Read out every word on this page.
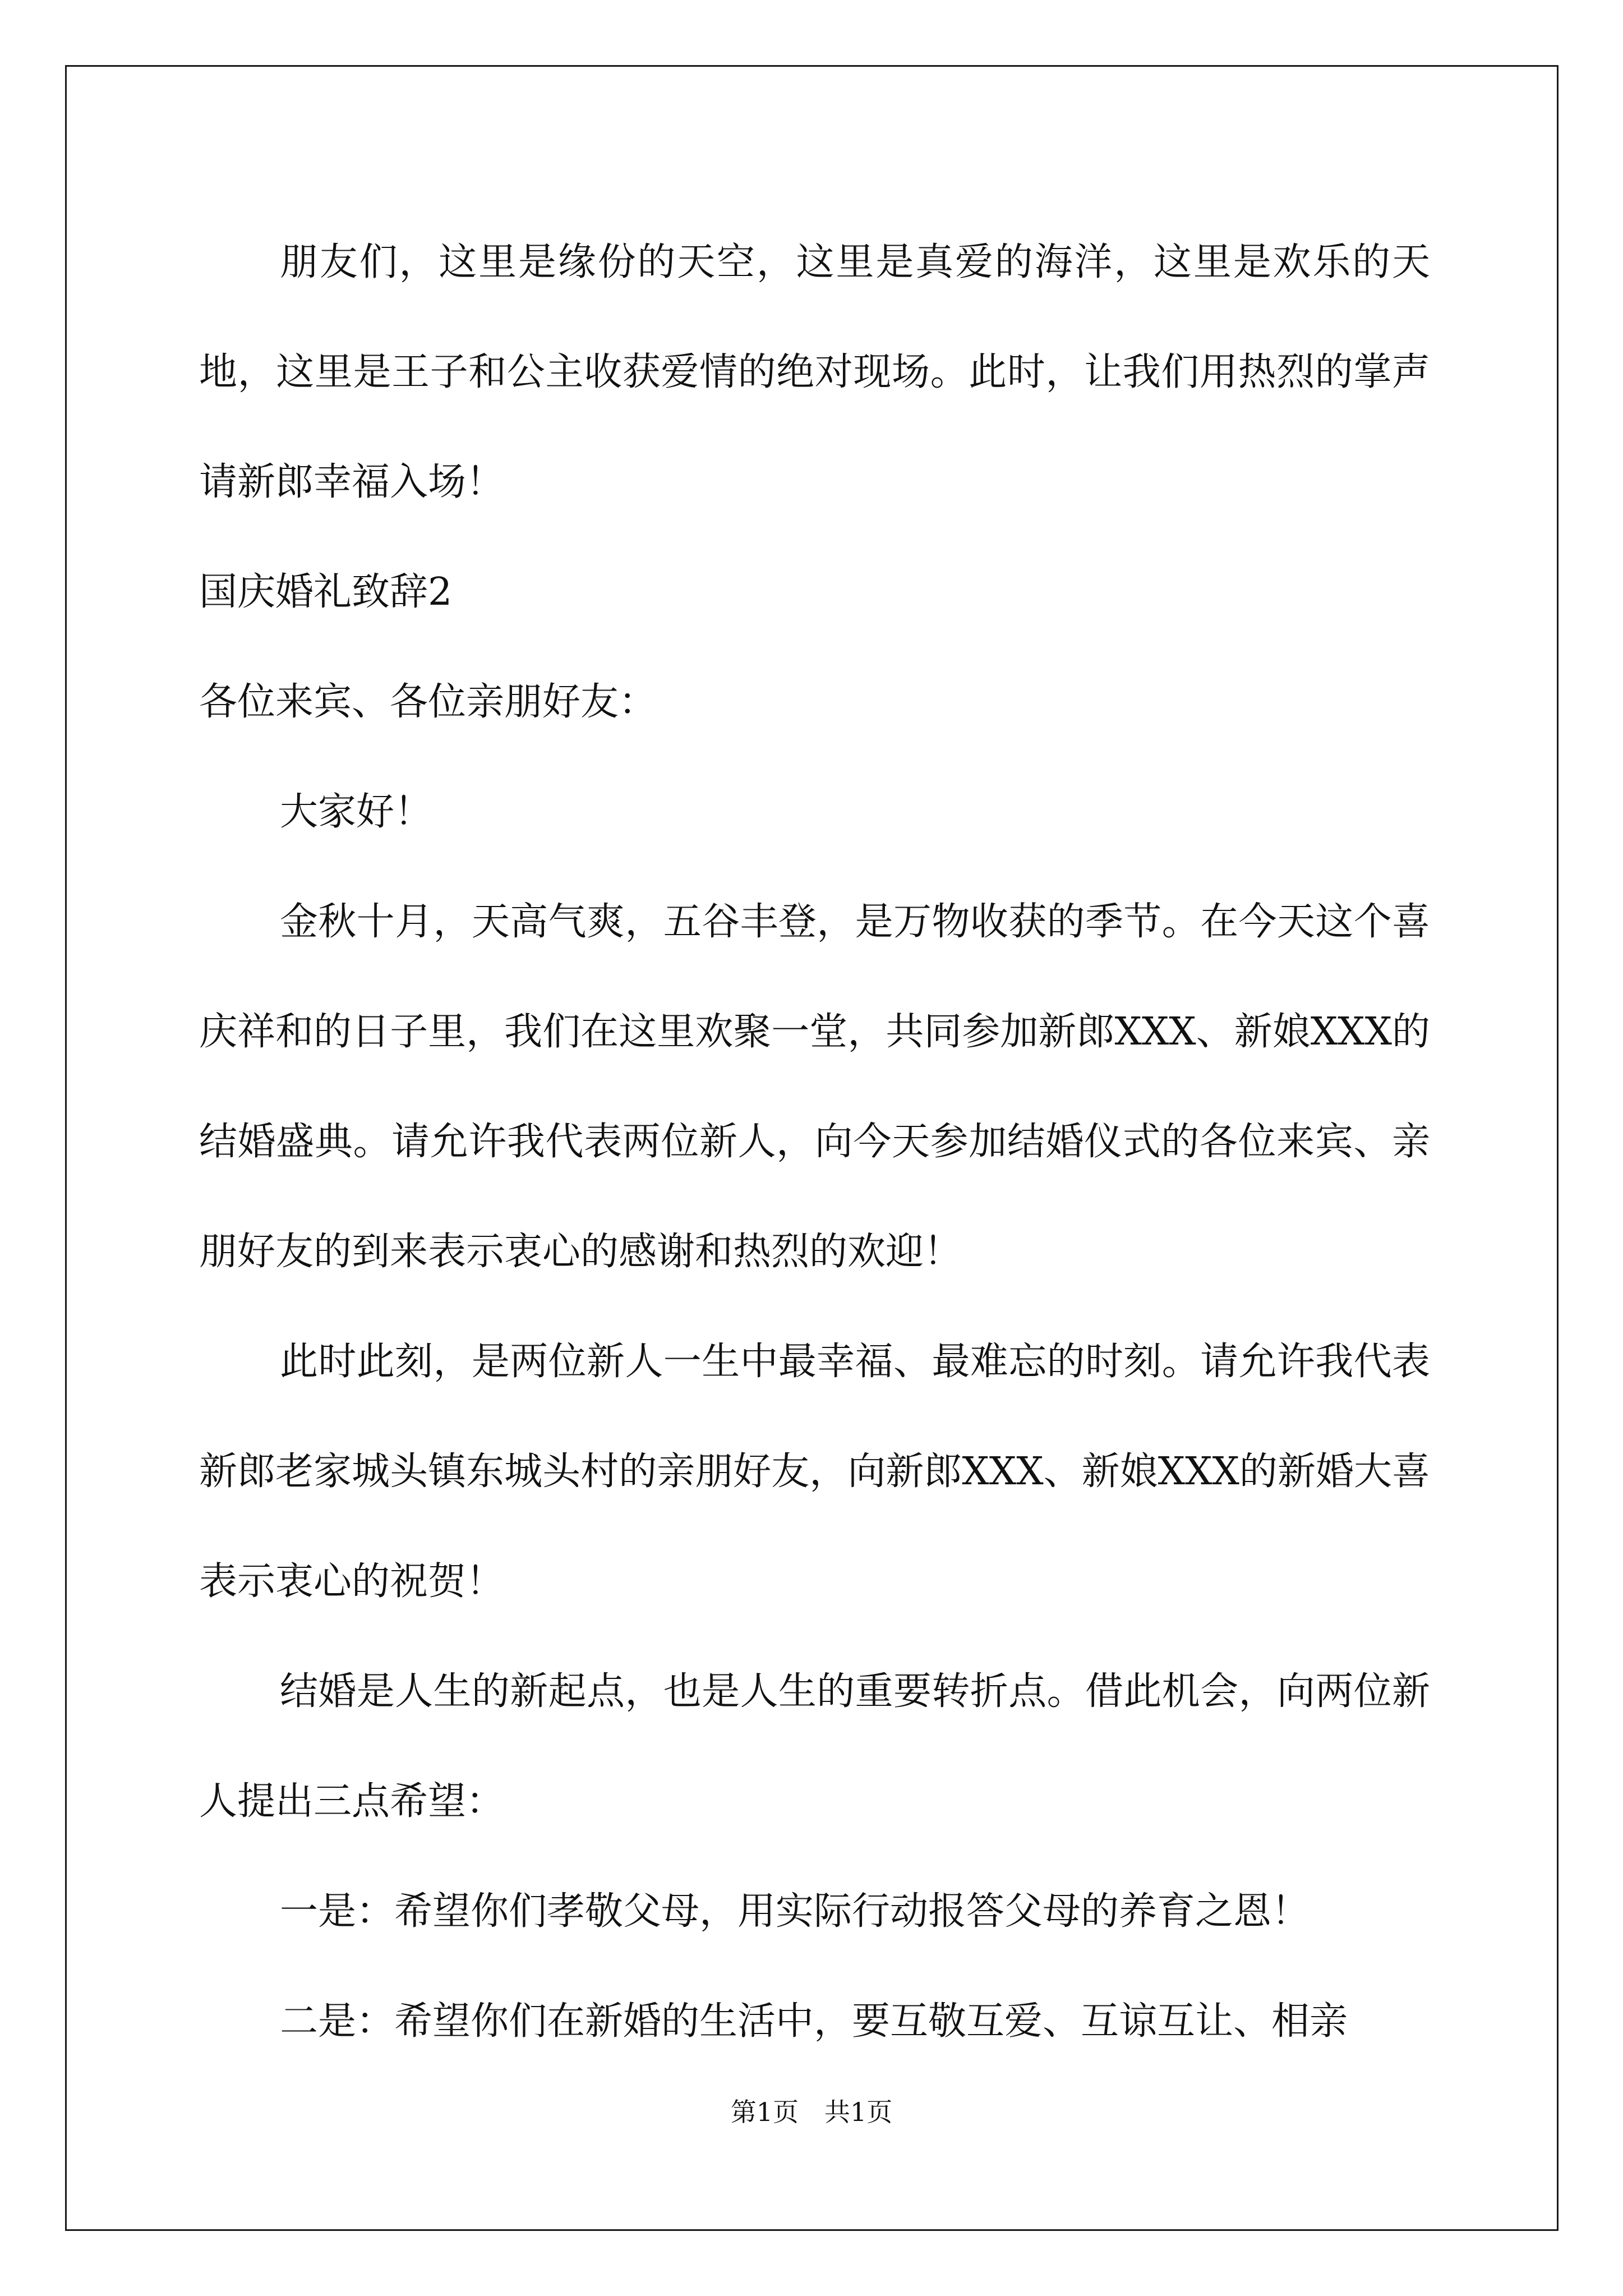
朋友们，这里是缘份的天空，这里是真爱的海洋，这里是欢乐的天地，这里是王子和公主收获爱情的绝对现场。此时，让我们用热烈的掌声请新郎幸福入场！

国庆婚礼致辞2

各位来宾、各位亲朋好友：

大家好！

金秋十月，天高气爽，五谷丰登，是万物收获的季节。在今天这个喜庆祥和的日子里，我们在这里欢聚一堂，共同参加新郎XXX、新娘XXX的结婚盛典。请允许我代表两位新人，向今天参加结婚仪式的各位来宾、亲朋好友的到来表示衷心的感谢和热烈的欢迎！

此时此刻，是两位新人一生中最幸福、最难忘的时刻。请允许我代表新郎老家城头镇东城头村的亲朋好友，向新郎XXX、新娘XXX的新婚大喜表示衷心的祝贺！

结婚是人生的新起点，也是人生的重要转折点。借此机会，向两位新人提出三点希望：

一是：希望你们孝敬父母，用实际行动报答父母的养育之恩！

二是：希望你们在新婚的生活中，要互敬互爱、互谅互让、相亲

第1页　共1页
